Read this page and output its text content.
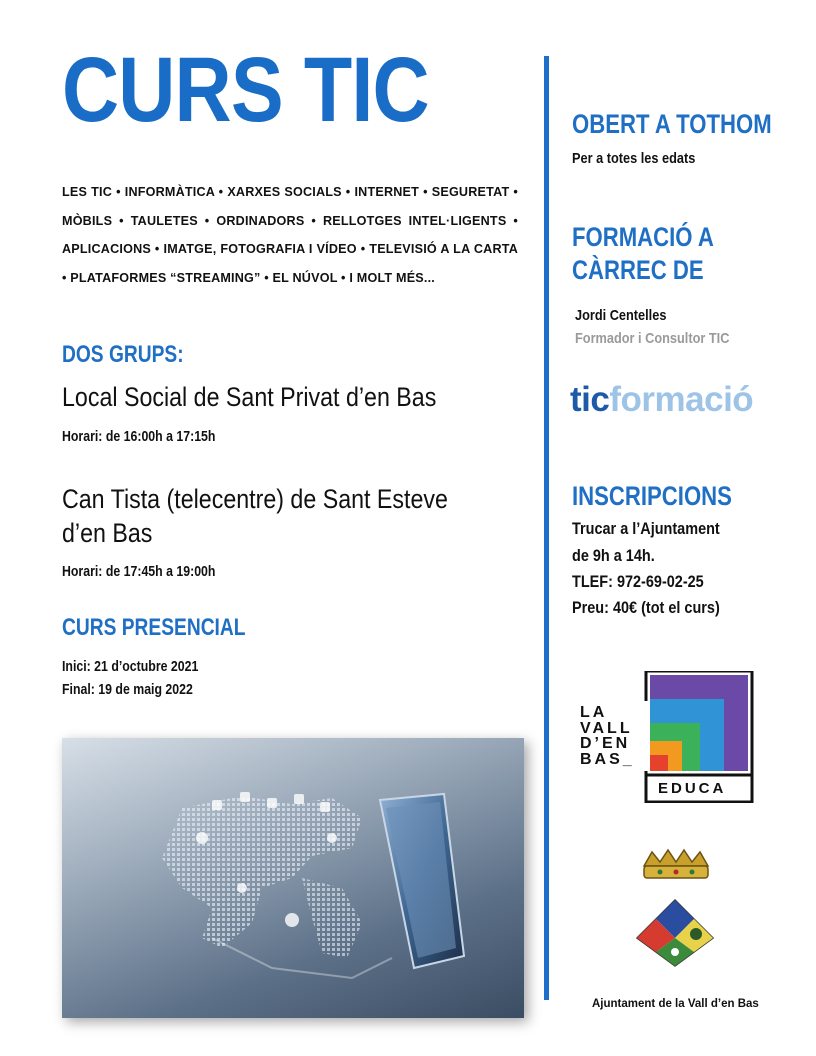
CURS TIC
LES TIC • INFORMÀTICA • XARXES SOCIALS • INTERNET • SEGURETAT • MÒBILS • TAULETES • ORDINADORS • RELLOTGES INTEL·LIGENTS • APLICACIONS • IMATGE, FOTOGRAFIA I VÍDEO • TELEVISIÓ A LA CARTA • PLATAFORMES “STREAMING” • EL NÚVOL • I MOLT MÉS...
DOS GRUPS:
Local Social de Sant Privat d’en Bas
Horari: de 16:00h a 17:15h
Can Tista (telecentre) de Sant Esteve
d’en Bas
Horari: de 17:45h a 19:00h
CURS PRESENCIAL
Inici: 21 d’octubre 2021
Final: 19 de maig 2022
OBERT A TOTHOM
Per a totes les edats
FORMACIÓ A
CÀRREC DE
Jordi Centelles
Formador i Consultor TIC
ticformació
INSCRIPCIONS
Trucar a l’Ajuntament
de 9h a 14h.
TLEF: 972-69-02-25
Preu: 40€ (tot el curs)
LA
VALL
D’EN
BAS_
EDUCA
Ajuntament de la Vall d’en Bas
